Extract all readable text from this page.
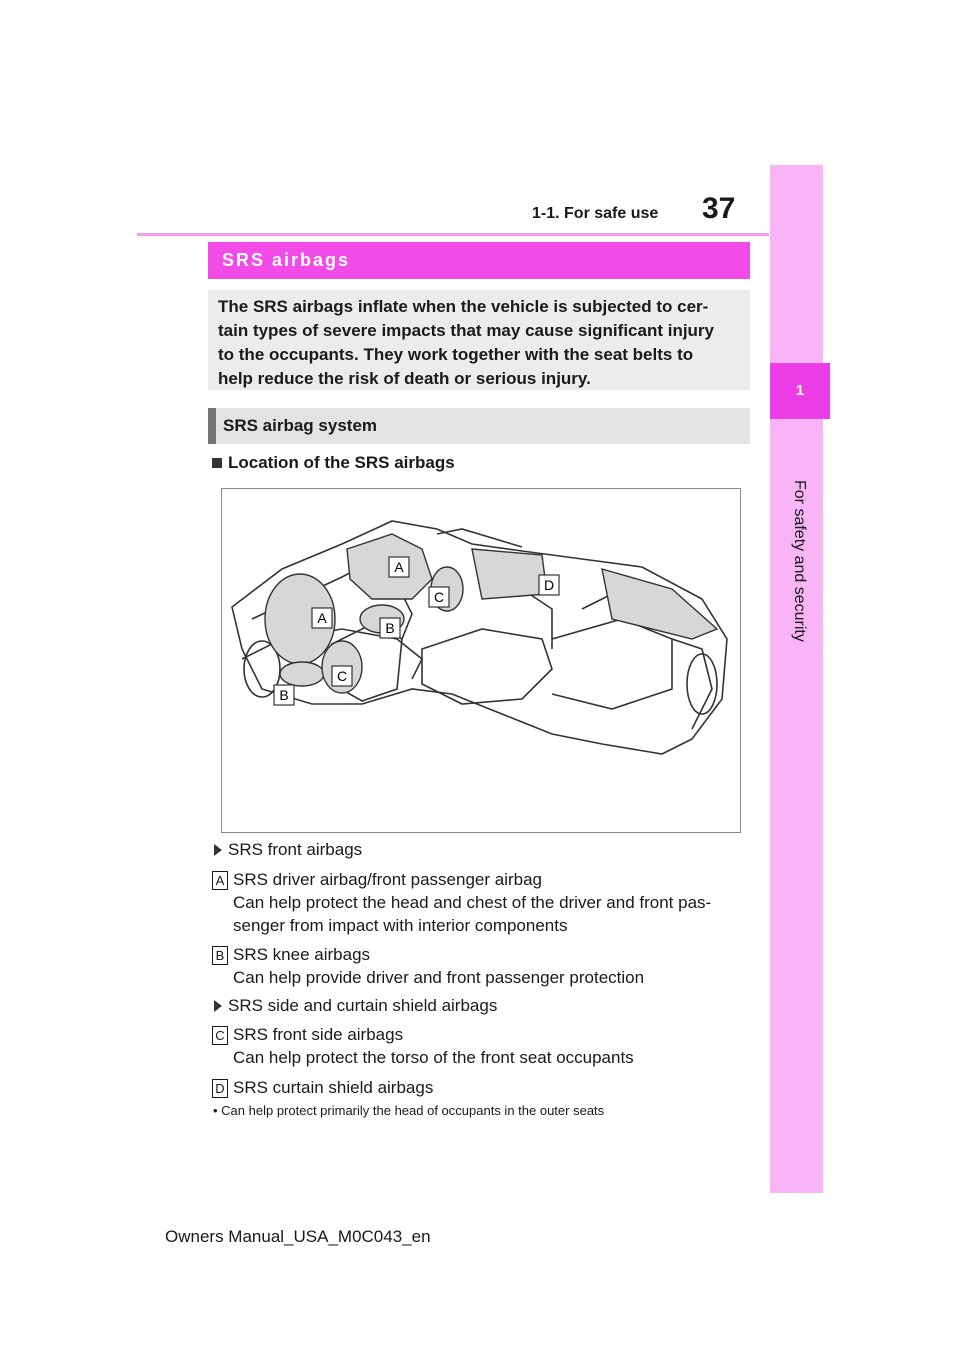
1-1. For safe use 37
1
For safety and security
SRS airbags
The SRS airbags inflate when the vehicle is subjected to cer-
tain types of severe impacts that may cause significant injury
to the occupants. They work together with the seat belts to
help reduce the risk of death or serious injury.
SRS airbag system
Location of the SRS airbags
A
A
B
B
C
C
D
SRS front airbags
A SRS driver airbag/front passenger airbag
Can help protect the head and chest of the driver and front pas-
senger from impact with interior components
B SRS knee airbags
Can help provide driver and front passenger protection
SRS side and curtain shield airbags
C SRS front side airbags
Can help protect the torso of the front seat occupants
D SRS curtain shield airbags
• Can help protect primarily the head of occupants in the outer seats
Owners Manual_USA_M0C043_en
